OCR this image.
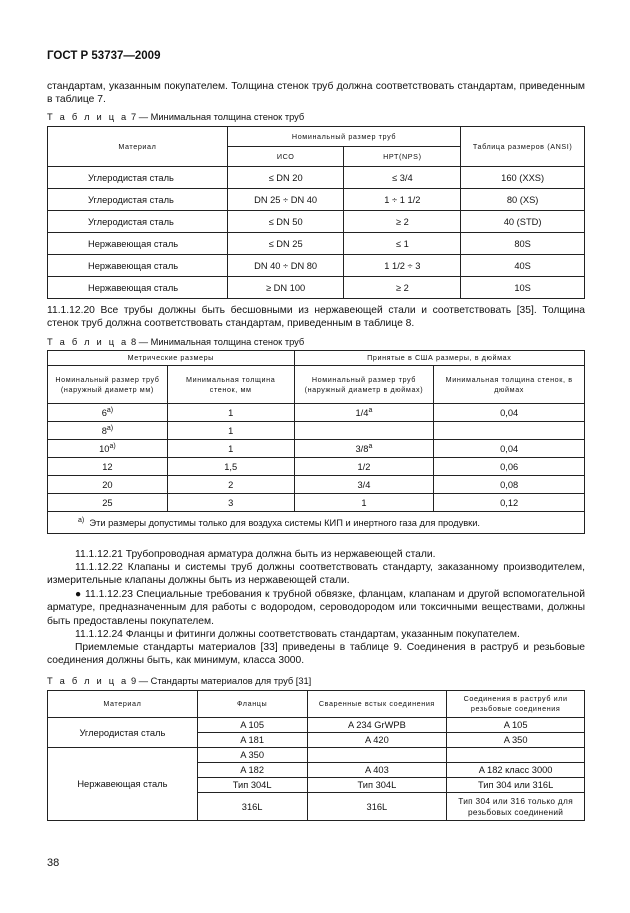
ГОСТ Р 53737—2009
стандартам, указанным покупателем. Толщина стенок труб должна соответствовать стандартам, приведенным в таблице 7.
Т а б л и ц а 7 — Минимальная толщина стенок труб
Материал	Номинальный размер труб		Таблица размеров (ANSI)
	ИСО	НРТ(NPS)	
Углеродистая сталь	≤ DN 20	≤ 3/4	160 (XXS)
Углеродистая сталь	DN 25 ÷ DN 40	1 ÷ 1 1/2	80 (XS)
Углеродистая сталь	≤ DN 50	≥ 2	40 (STD)
Нержавеющая сталь	≤ DN 25	≤ 1	80S
Нержавеющая сталь	DN 40 ÷ DN 80	1 1/2 ÷ 3	40S
Нержавеющая сталь	≥ DN 100	≥ 2	10S
11.1.12.20 Все трубы должны быть бесшовными из нержавеющей стали и соответствовать [35]. Толщина стенок труб должна соответствовать стандартам, приведенным в таблице 8.
Т а б л и ц а 8 — Минимальная толщина стенок труб
Метрические размеры		Принятые в США размеры, в дюймах	
Номинальный размер труб (наружный диаметр мм)	Минимальная толщина стенок, мм	Номинальный размер труб (наружный диаметр в дюймах)	Минимальная толщина стенок, в дюймах
6$^{a)}$	1	1/4$^a$	0,04
8$^{a)}$	1		
10$^{a)}$	1	3/8$^a$	0,04
12	1,5	1/2	0,06
20	2	3/4	0,08
25	3	1	0,12
$^{a)}$ Эти размеры допустимы только для воздуха системы КИП и инертного газа для продувки.			
11.1.12.21 Трубопроводная арматура должна быть из нержавеющей стали.
11.1.12.22 Клапаны и системы труб должны соответствовать стандарту, заказанному производителем, измерительные клапаны должны быть из нержавеющей стали.
● 11.1.12.23 Специальные требования к трубной обвязке, фланцам, клапанам и другой вспомогательной арматуре, предназначенным для работы с водородом, сероводородом или токсичными веществами, должны быть предоставлены покупателем.
11.1.12.24 Фланцы и фитинги должны соответствовать стандартам, указанным покупателем.
Приемлемые стандарты материалов [33] приведены в таблице 9. Соединения в раструб и резьбовые соединения должны быть, как минимум, класса 3000.
Т а б л и ц а 9 — Стандарты материалов для труб [31]
Материал	Фланцы	Сваренные встык соединения	Соединения в раструб или резьбовые соединения
Углеродистая сталь	A 105	A 234 GrWPB	A 105
	A 181	A 420	A 350
Нержавеющая сталь	A 350		
	A 182	A 403	A 182 класс 3000
	Тип 304L	Тип 304L	Тип 304 или 316L
	316L	316L	Тип 304 или 316 только для резьбовых соединений
38
